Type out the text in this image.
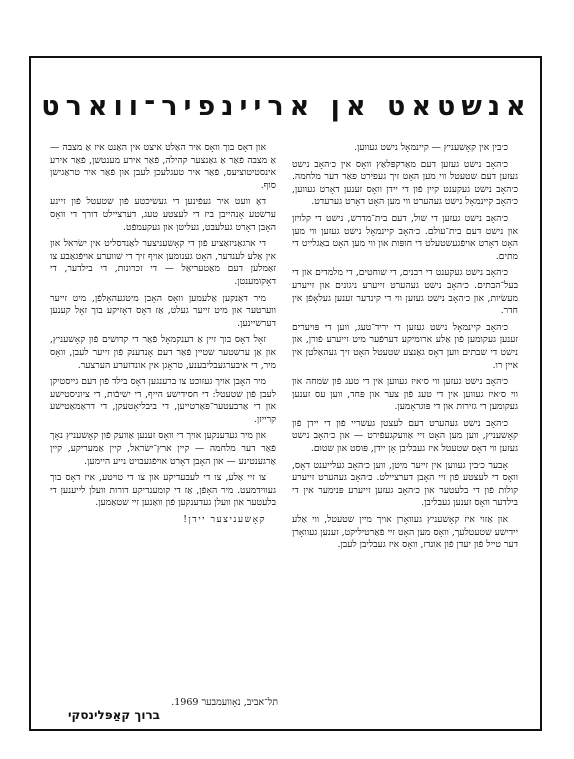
אנשטאט אן אריינפיר־ווארט

כ׳בין אין קאָשעניץ — קיינמאָל נישט געווען.

כ׳האָב נישט געזען דעם מאַרקפּלאַץ וואָס אין כ׳האָב נישט געזען דעם שטעטל ווי מען האָט זיך געפירט פאַר דער מלחמה. כ׳האָב נישט געקענט קיין פֿון די יידן וואָס זענען דאָרט געווען, כ׳האָב קיינמאָל נישט געהערט ווי מען האָט דאָרט גערעדט.

כ׳האָב נישט געזען די שול, דעם בית־מדרש, נישט די קלויזן און נישט דעם בית־עולם. כ׳האָב קיינמאָל נישט געזען ווי מען האָט דאָרט אויפֿגעשטעלט די חופּות און ווי מען האָט באַגלייט די מתים.

כ׳האָב נישט געקענט די רבנים, די שוחטים, די מלמדים און די בעל־הבתים. כ׳האָב נישט געהערט זייערע ניגונים און זייערע מעשׂיות, און כ׳האָב נישט געזען ווי די קינדער זענען געלאָפֿן אין חדר.

כ׳האָב קיינמאָל נישט געזען די יריד־טעג, ווען די פּויערים זענען געקומען פֿון אַלע ארומיקע דערפֿער מיט זייערע פֿורן, און נישט די שבתים ווען דאָס גאַנצע שטעטל האָט זיך געהאַלטן אין איין רו.

כ׳האָב נישט געזען ווי ס׳איז געווען אין די טעג פֿון שׂמחה און ווי ס׳איז געווען אין די טעג פֿון צער און פּחד, ווען עס זענען געקומען די גזירות און די פּוגראָמען.

כ׳האָב נישט געהערט דעם לעצטן געשריי פֿון די יידן פֿון קאָשעניץ, ווען מען האָט זיי אַוועקגעפֿירט — און כ׳האָב נישט געזען ווי דאָס שטעטל איז געבליבן אָן יידן, פּוסט און שטום.

אָבער כ׳בין געווען אין זייער מיטן, ווען כ׳האָב געלייענט דאָס, וואָס די לעצטע פֿון זיי האָבן דערציילט. כ׳האָב געהערט זייערע קולות פֿון די בלעטער און כ׳האָב געזען זייערע פּנימער אין די בילדער וואָס זענען געבליבן.

און אַזוי איז קאָשעניץ געוואָרן אויך מיין שטעטל, ווי אַלע יידישע שטעטלעך, וואָס מען האָט זיי פֿאַרטיליקט, זענען געוואָרן דער טייל פֿון יעדן פֿון אונדז, וואָס איז געבליבן לעבן.

און דאָס בוך וואָס איר האַלט איצט אין האַנט איז אַ מצבה — אַ מצבה פֿאַר אַ גאַנצער קהילה, פֿאַר אירע מענטשן, פֿאַר אירע אינסטיטוציעס, פֿאַר איר טעגלעכן לעבן און פֿאַר איר טראַגישן סוף.

דאָ וועט איר געפֿינען די געשיכטע פֿון שטעטל פֿון זיינע ערשטע אָנהייבן ביז די לעצטע טעג, דערציילט דורך די וואָס האָבן דאָרט געלעבט, געליטן און געקעמפֿט.

די ארגאַניזאַציע פֿון די קאָשעניצער לאַנדסליט אין ישׂראל און אין אַלע לענדער, האָט גענומען אויף זיך די שווערע אויפֿגאַבע צו זאַמלען דעם מאַטעריאַל — די זכרונות, די בילדער, די דאָקומענטן.

מיר דאַנקען אַלעמען וואָס האָבן מיטגעהאָלפֿן, מיט זייער ווערטער און מיט זייער געלט, אַז דאָס דאָזיקע בוך זאָל קענען דערשיינען.

זאָל דאָס בוך זיין אַ דענקמאָל פֿאַר די קדושים פֿון קאָשעניץ, און אַן ערשטער שטיין פֿאַר דעם אָנדענק פֿון זייער לעבן, וואָס מיר, די איבערגעבליבענע, טראָגן אין אונדזערע הערצער.

מיר האָבן אויך געזוכט צו ברענגען דאָס בילד פֿון דעם גייסטיקן לעבן פֿון שטעטל: די חסידישע הייף, די ישיבֿות, די ציוניסטישע און די אַרבעטער־פּאַרטייען, די ביבליאָטעקן, די דראַמאַטישע קרייזן.

און מיר געדענקען אויך די וואָס זענען אַוועק פֿון קאָשעניץ נאָך פֿאַר דער מלחמה — קיין ארץ־ישׂראל, קיין אַמעריקע, קיין אַרגענטינע — און האָבן דאָרט אויפֿגעבויט נייע היימען.

צו זיי אַלע, צו די לעבעדיקע און צו די טויטע, איז דאָס בוך געווידמעט. מיר האָפֿן, אַז די קומענדיקע דורות וועלן לייענען די בלעטער און וועלן געדענקען פֿון וואַנען זיי שטאַמען.

קאָשעניצער יידן!

תל־אביב, נאָוועמבער 1969.
ברוך קאַפּלינסקי
